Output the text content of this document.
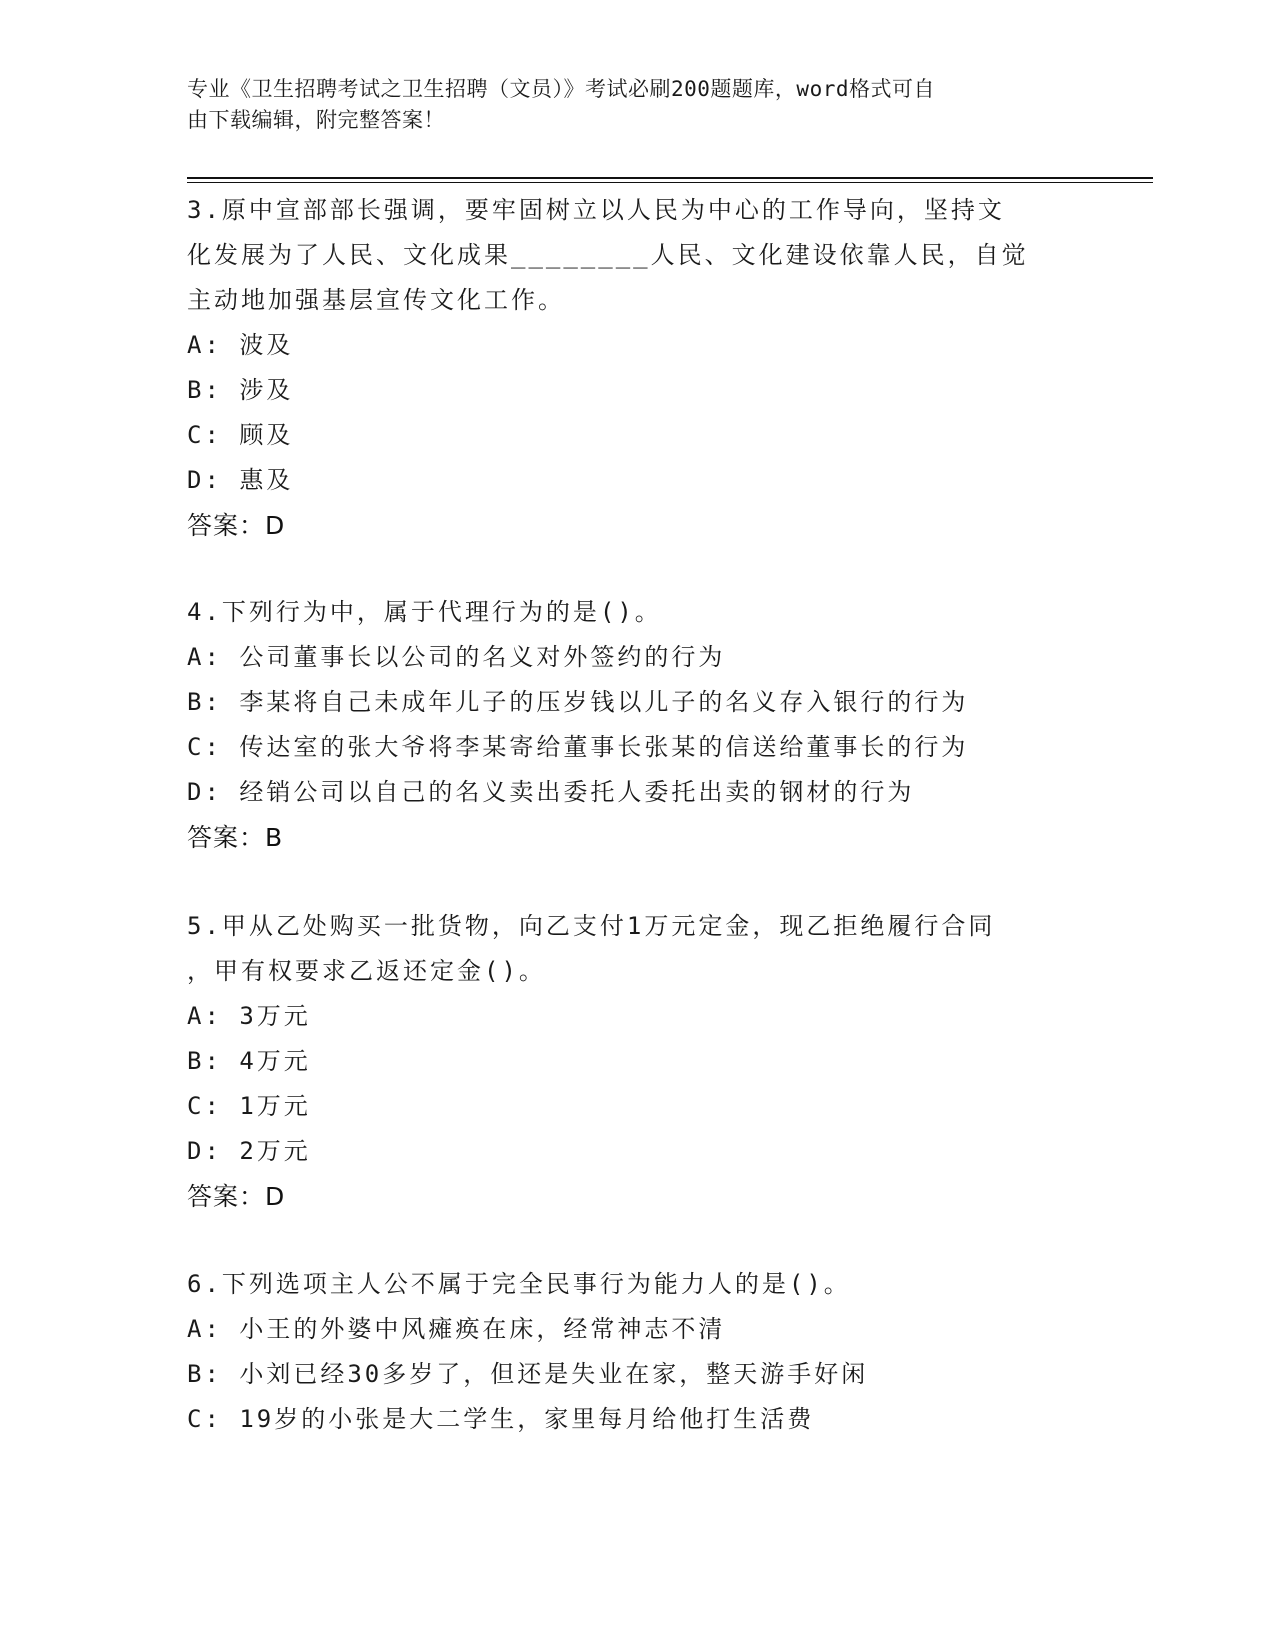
专业《卫生招聘考试之卫生招聘（文员）》考试必刷200题题库，word格式可自
由下载编辑，附完整答案！
3.原中宣部部长强调，要牢固树立以人民为中心的工作导向，坚持文
化发展为了人民、文化成果________人民、文化建设依靠人民，自觉
主动地加强基层宣传文化工作。
A: 波及
B: 涉及
C: 顾及
D: 惠及
答案：D
4.下列行为中，属于代理行为的是()。
A: 公司董事长以公司的名义对外签约的行为
B: 李某将自己未成年儿子的压岁钱以儿子的名义存入银行的行为
C: 传达室的张大爷将李某寄给董事长张某的信送给董事长的行为
D: 经销公司以自己的名义卖出委托人委托出卖的钢材的行为
答案：B
5.甲从乙处购买一批货物，向乙支付1万元定金，现乙拒绝履行合同
，甲有权要求乙返还定金()。
A: 3万元
B: 4万元
C: 1万元
D: 2万元
答案：D
6.下列选项主人公不属于完全民事行为能力人的是()。
A: 小王的外婆中风瘫痪在床，经常神志不清
B: 小刘已经30多岁了，但还是失业在家，整天游手好闲
C: 19岁的小张是大二学生，家里每月给他打生活费
